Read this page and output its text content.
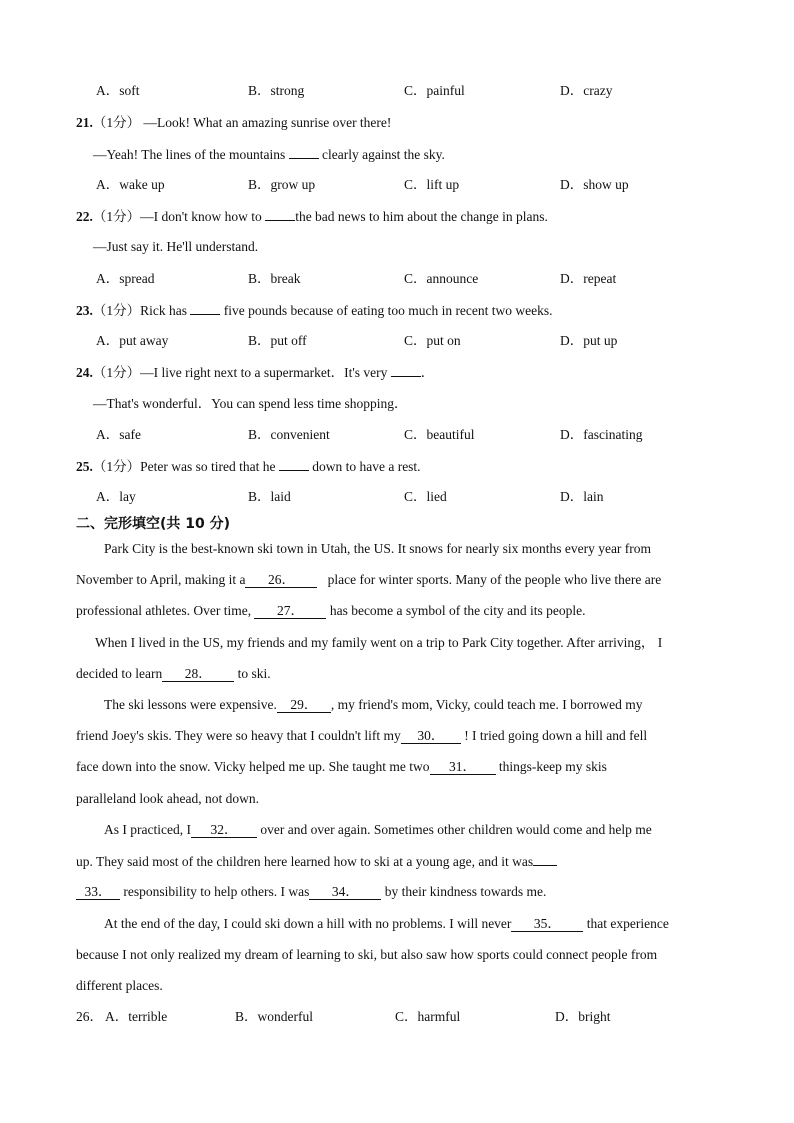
A．soft	B．strong	C．painful	D．crazy
21.（1分） —Look! What an amazing sunrise over there!
—Yeah! The lines of the mountains  clearly against the sky.
A．wake up	B．grow up	C．lift up	D．show up
22.（1分）—I don't know how to the bad news to him about the change in plans.
—Just say it. He'll understand.
A．spread	B．break	C．announce	D．repeat
23.（1分）Rick has  five pounds because of eating too much in recent two weeks.
A．put away	B．put off	C．put on	D．put up
24.（1分）—I live right next to a supermarket．It's very ．
—That's wonderful．You can spend less time shopping．
A．safe	B．convenient	C．beautiful	D．fascinating
25.（1分）Peter was so tired that he  down to have a rest.
A．lay	B．laid	C．lied	D．lain
二、完形填空(共 10 分)
Park City is the best-known ski town in Utah, the US. It snows for nearly six months every year from
November to April, making it a 26． place for winter sports. Many of the people who live there are
professional athletes. Over time, 27． has become a symbol of the city and its people.
When I lived in the US, my friends and my family went on a trip to Park City together. After arriving， I
decided to learn 28． to ski.
The ski lessons were expensive. 29． , my friend's mom, Vicky, could teach me. I borrowed my
friend Joey's skis. They were so heavy that I couldn't lift my 30． ! I tried going down a hill and fell
face down into the snow. Vicky helped me up. She taught me two 31． things-keep my skis
paralleland look ahead, not down.
As I practiced, I 32． over and over again. Sometimes other children would come and help me
up. They said most of the children here learned how to ski at a young age, and it was
33． responsibility to help others. I was 34． by their kindness towards me.
At the end of the day, I could ski down a hill with no problems. I will never 35． that experience
because I not only realized my dream of learning to ski, but also saw how sports could connect people from
different places.
26． A．terrible	B．wonderful	C．harmful	D．bright
